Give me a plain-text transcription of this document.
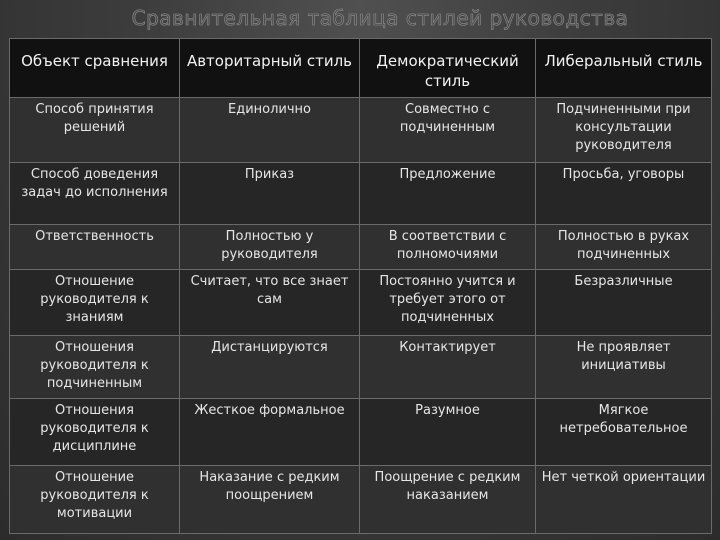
Сравнительная таблица стилей руководства
Объект сравнения	Авторитарный стиль	Демократический стиль	Либеральный стиль
Способ принятия решений	Единолично	Совместно с подчиненным	Подчиненными при консультации руководителя
Способ доведения задач до исполнения	Приказ	Предложение	Просьба, уговоры
Ответственность	Полностью у руководителя	В соответствии с полномочиями	Полностью в руках подчиненных
Отношение руководителя к знаниям	Считает, что все знает сам	Постоянно учится и требует этого от подчиненных	Безразличные
Отношения руководителя к подчиненным	Дистанцируются	Контактирует	Не проявляет инициативы
Отношения руководителя к дисциплине	Жесткое формальное	Разумное	Мягкое нетребовательное
Отношение руководителя к мотивации	Наказание с редким поощрением	Поощрение с редким наказанием	Нет четкой ориентации
